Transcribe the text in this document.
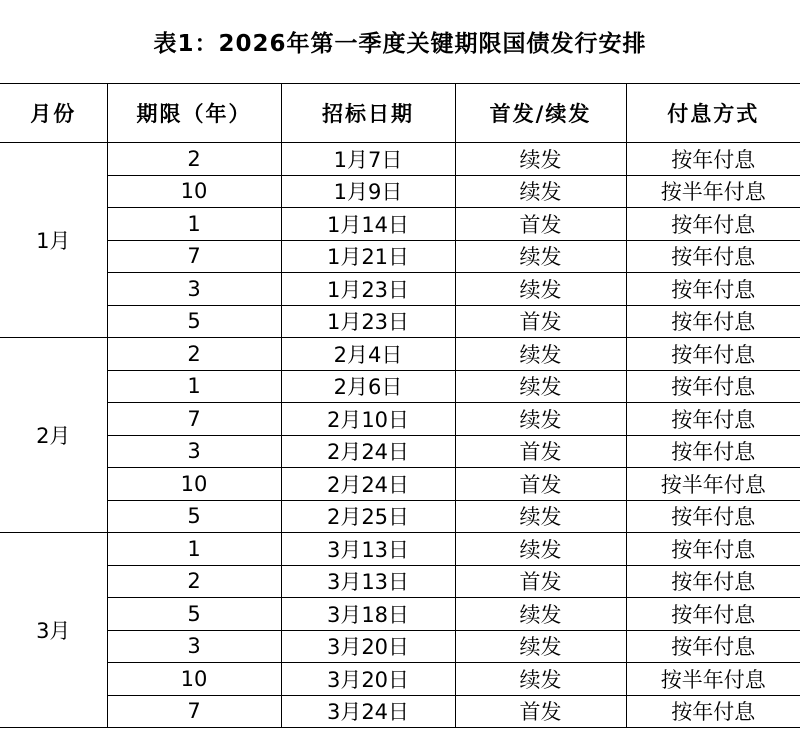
表1：2026年第一季度关键期限国债发行安排
月份	期限（年）	招标日期	首发/续发	付息方式
1月	2	1月7日	续发	按年付息
	10	1月9日	续发	按半年付息
	1	1月14日	首发	按年付息
	7	1月21日	续发	按年付息
	3	1月23日	续发	按年付息
	5	1月23日	首发	按年付息
2月	2	2月4日	续发	按年付息
	1	2月6日	续发	按年付息
	7	2月10日	续发	按年付息
	3	2月24日	首发	按年付息
	10	2月24日	首发	按半年付息
	5	2月25日	续发	按年付息
3月	1	3月13日	续发	按年付息
	2	3月13日	首发	按年付息
	5	3月18日	续发	按年付息
	3	3月20日	续发	按年付息
	10	3月20日	续发	按半年付息
	7	3月24日	首发	按年付息
